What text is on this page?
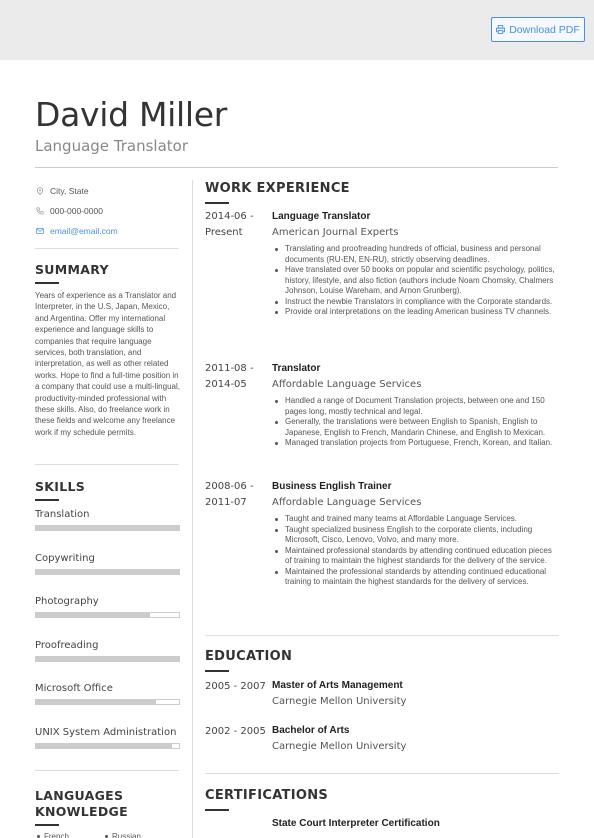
Download PDF
David Miller
Language Translator
City, State
000-000-0000
email@email.com
SUMMARY
Years of experience as a Translator and Interpreter, in the U.S, Japan, Mexico, and Argentina. Offer my international experience and language skills to companies that require language services, both translation, and interpretation, as well as other related works. Hope to find a full-time position in a company that could use a multi-lingual, productivity-minded professional with these skills. Also, do freelance work in these fields and welcome any freelance work if my schedule permits.
SKILLS
Translation
Copywriting
Photography
Proofreading
Microsoft Office
UNIX System Administration
LANGUAGES
KNOWLEDGE
French	Russian
WORK EXPERIENCE
2014-06 -
Present
Language Translator
American Journal Experts
Translating and proofreading hundreds of official, business and personal documents (RU-EN, EN-RU), strictly observing deadlines.
Have translated over 50 books on popular and scientific psychology, politics, history, lifestyle, and also fiction (authors include Noam Chomsky, Chalmers Johnson, Louise Wareham, and Arnon Grunberg).
Instruct the newbie Translators in compliance with the Corporate standards.
Provide oral interpretations on the leading American business TV channels.
2011-08 -
2014-05
Translator
Affordable Language Services
Handled a range of Document Translation projects, between one and 150 pages long, mostly technical and legal.
Generally, the translations were between English to Spanish, English to Japanese, English to French, Mandarin Chinese, and English to Mexican.
Managed translation projects from Portuguese, French, Korean, and Italian.
2008-06 -
2011-07
Business English Trainer
Affordable Language Services
Taught and trained many teams at Affordable Language Services.
Taught specialized business English to the corporate clients, including Microsoft, Cisco, Lenovo, Volvo, and many more.
Maintained professional standards by attending continued education pieces of training to maintain the highest standards for the delivery of the service.
Maintained the professional standards by attending continued educational training to maintain the highest standards for the delivery of services.
EDUCATION
2005 - 2007 Master of Arts Management
Carnegie Mellon University
2002 - 2005 Bachelor of Arts
Carnegie Mellon University
CERTIFICATIONS
State Court Interpreter Certification
